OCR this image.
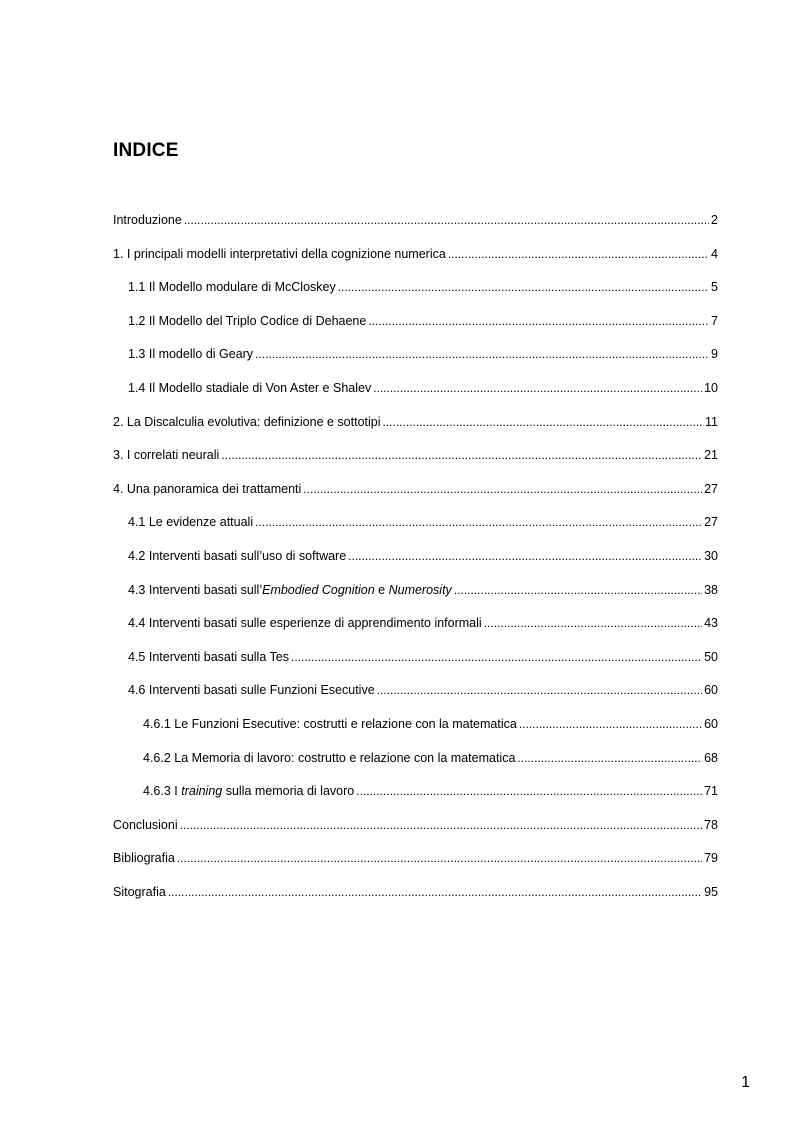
INDICE
Introduzione .....	2
1. I principali modelli interpretativi della cognizione numerica .....	4
1.1 Il Modello modulare di McCloskey .....	5
1.2 Il Modello del Triplo Codice di Dehaene .....	7
1.3 Il modello di Geary .....	9
1.4 Il Modello stadiale di Von Aster e Shalev .....	10
2. La Discalculia evolutiva: definizione e sottotipi .....	11
3. I correlati neurali .....	21
4. Una panoramica dei trattamenti .....	27
4.1 Le evidenze attuali .....	27
4.2 Interventi basati sull’uso di software .....	30
4.3 Interventi basati sull’Embodied Cognition e Numerosity .....	38
4.4 Interventi basati sulle esperienze di apprendimento informali .....	43
4.5 Interventi basati sulla Tes .....	50
4.6 Interventi basati sulle Funzioni Esecutive .....	60
4.6.1 Le Funzioni Esecutive: costrutti e relazione con la matematica .....	60
4.6.2 La Memoria di lavoro: costrutto e relazione con la matematica .....	68
4.6.3 I training sulla memoria di lavoro .....	71
Conclusioni .....	78
Bibliografia .....	79
Sitografia .....	95

1
